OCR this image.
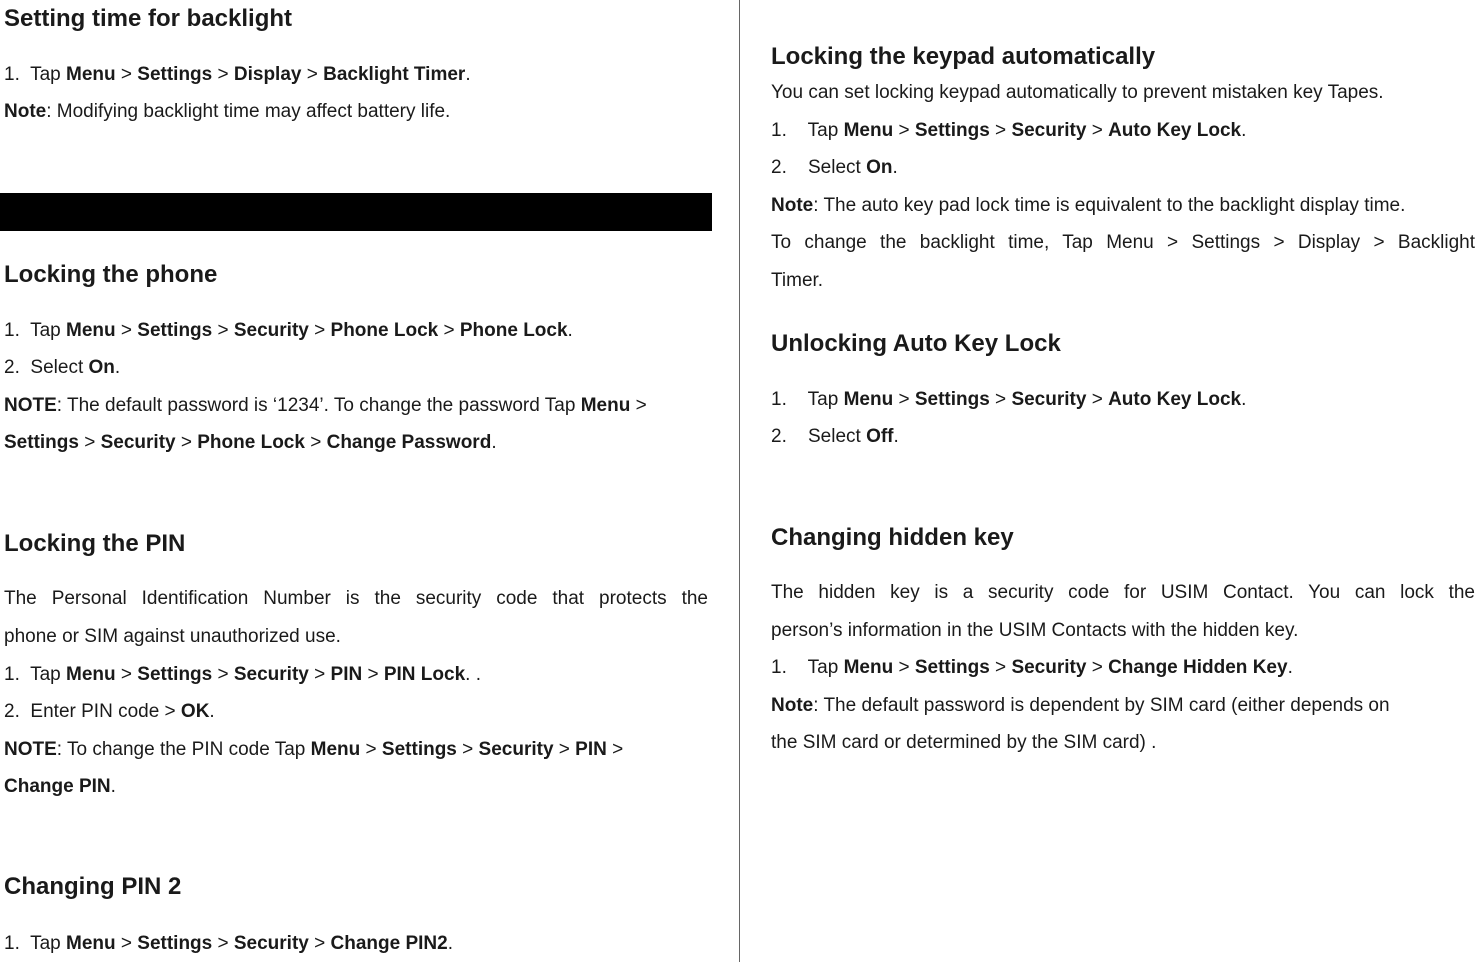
Setting time for backlight
1. Tap Menu > Settings > Display > Backlight Timer.
Note: Modifying backlight time may affect battery life.
Locking the phone
1. Tap Menu > Settings > Security > Phone Lock > Phone Lock.
2. Select On.
NOTE: The default password is ‘1234’. To change the password Tap Menu >
Settings > Security > Phone Lock > Change Password.
Locking the PIN
The Personal Identification Number is the security code that protects the
phone or SIM against unauthorized use.
1. Tap Menu > Settings > Security > PIN > PIN Lock. .
2. Enter PIN code > OK.
NOTE: To change the PIN code Tap Menu > Settings > Security > PIN >
Change PIN.
Changing PIN 2
1. Tap Menu > Settings > Security > Change PIN2.
Locking the keypad automatically
You can set locking keypad automatically to prevent mistaken key Tapes.
1. Tap Menu > Settings > Security > Auto Key Lock.
2. Select On.
Note: The auto key pad lock time is equivalent to the backlight display time.
To change the backlight time, Tap Menu > Settings > Display > Backlight
Timer.
Unlocking Auto Key Lock
1. Tap Menu > Settings > Security > Auto Key Lock.
2. Select Off.
Changing hidden key
The hidden key is a security code for USIM Contact. You can lock the
person’s information in the USIM Contacts with the hidden key.
1. Tap Menu > Settings > Security > Change Hidden Key.
Note: The default password is dependent by SIM card (either depends on
the SIM card or determined by the SIM card) .
